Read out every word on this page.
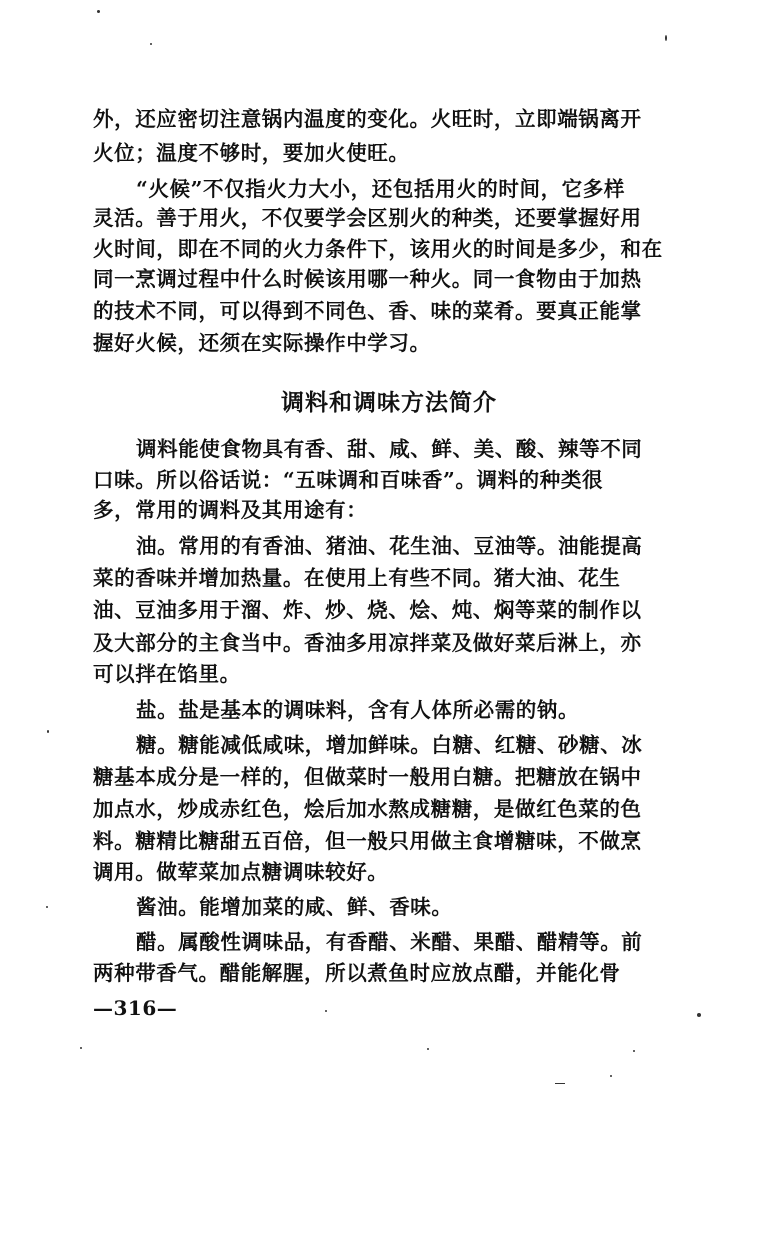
外，还应密切注意锅内温度的变化。火旺时，立即端锅离开
火位；温度不够时，要加火使旺。
“火候”不仅指火力大小，还包括用火的时间，它多样
灵活。善于用火，不仅要学会区别火的种类，还要掌握好用
火时间，即在不同的火力条件下，该用火的时间是多少，和在
同一烹调过程中什么时候该用哪一种火。同一食物由于加热
的技术不同，可以得到不同色、香、味的菜肴。要真正能掌
握好火候，还须在实际操作中学习。
调料和调味方法简介
调料能使食物具有香、甜、咸、鲜、美、酸、辣等不同
口味。所以俗话说：“五味调和百味香”。调料的种类很
多，常用的调料及其用途有：
油。常用的有香油、猪油、花生油、豆油等。油能提高
菜的香味并增加热量。在使用上有些不同。猪大油、花生
油、豆油多用于溜、炸、炒、烧、烩、炖、焖等菜的制作以
及大部分的主食当中。香油多用凉拌菜及做好菜后淋上，亦
可以拌在馅里。
盐。盐是基本的调味料，含有人体所必需的钠。
糖。糖能减低咸味，增加鲜味。白糖、红糖、砂糖、冰
糖基本成分是一样的，但做菜时一般用白糖。把糖放在锅中
加点水，炒成赤红色，烩后加水熬成糖糖，是做红色菜的色
料。糖精比糖甜五百倍，但一般只用做主食增糖味，不做烹
调用。做荤菜加点糖调味较好。
酱油。能增加菜的咸、鲜、香味。
醋。属酸性调味品，有香醋、米醋、果醋、醋精等。前
两种带香气。醋能解腥，所以煮鱼时应放点醋，并能化骨
—316—
